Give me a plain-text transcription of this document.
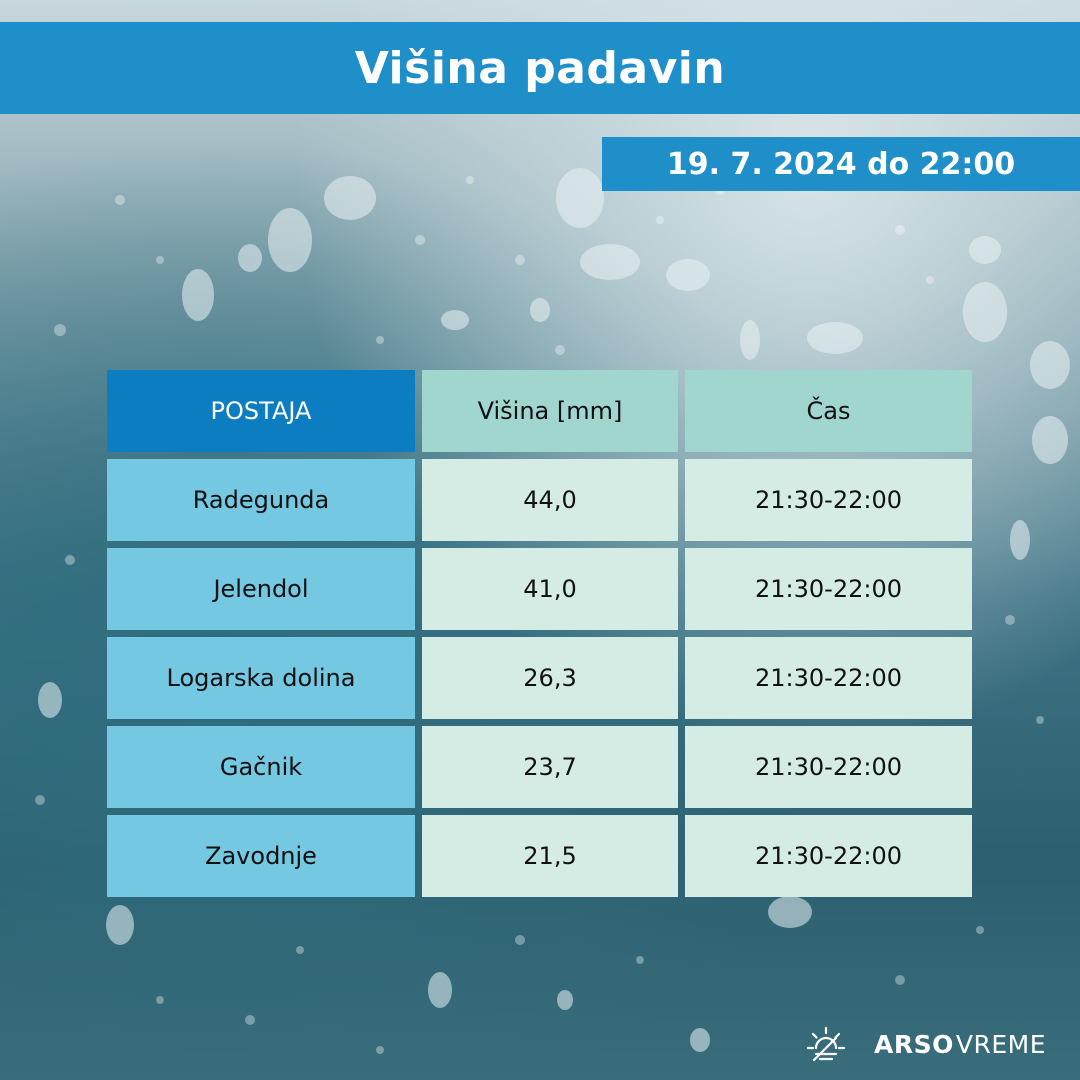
Višina padavin
19. 7. 2024 do 22:00
POSTAJA	Višina [mm]	Čas
Radegunda	44,0	21:30-22:00
Jelendol	41,0	21:30-22:00
Logarska dolina	26,3	21:30-22:00
Gačnik	23,7	21:30-22:00
Zavodnje	21,5	21:30-22:00
ARSO VREME
